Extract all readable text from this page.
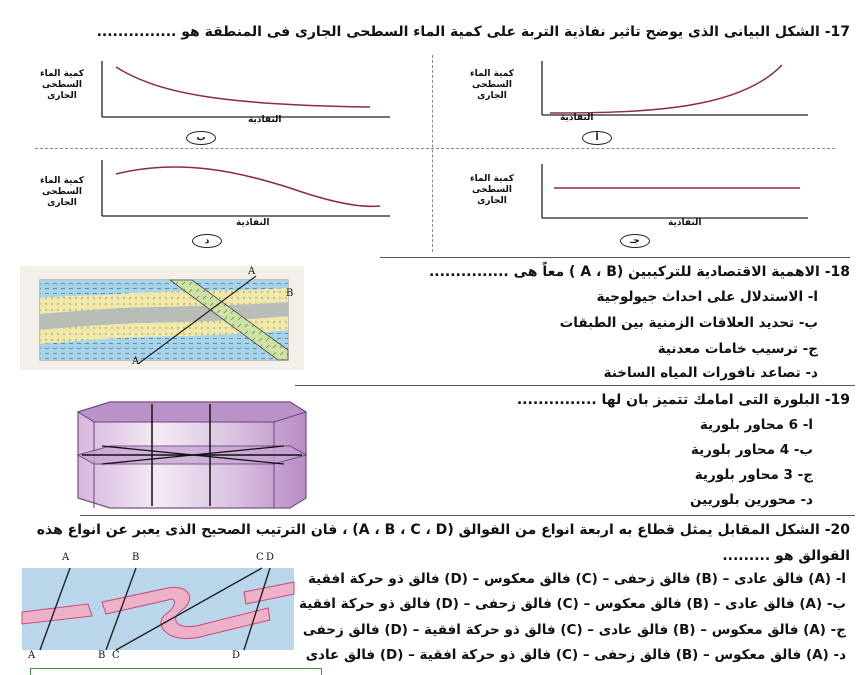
17- الشكل البيانى الذى يوضح تاثير نفاذية التربة على كمية الماء السطحى الجارى فى المنطقة هو ...............
كمية الماء
السطحى الجارى
النفاذية
أ
كمية الماء
السطحى الجارى
النفاذية
ب
كمية الماء
السطحى الجارى
النفاذية
جـ
كمية الماء
السطحى الجارى
النفاذية
د
A
B
A
18- الاهمية الاقتصادية للتركيبين (A ، B ) معاً هى ...............
ا- الاستدلال على احداث جيولوجية
ب- تحديد العلاقات الزمنية بين الطبقات
ج- ترسيب خامات معدنية
د- تصاعد نافورات المياه الساخنة
19- البلورة التى امامك تتميز بان لها ...............
ا- 6 محاور بلورية
ب- 4 محاور بلورية
ج- 3 محاور بلورية
د- محورين بلوريين
20- الشكل المقابل يمثل قطاع به اربعة انواع من الفوالق (A ، B ، C ، D) ، فان الترتيب الصحيح الذى يعبر عن انواع هذه
الفوالق هو .........
A	B	C D
A	B C	D
ا- (A) فالق عادى – (B) فالق زحفى – (C) فالق معكوس – (D) فالق ذو حركة افقية
ب- (A) فالق عادى – (B) فالق معكوس – (C) فالق زحفى – (D) فالق ذو حركة افقية
ج- (A) فالق معكوس – (B) فالق عادى – (C) فالق ذو حركة افقية – (D) فالق زحفى
د- (A) فالق معكوس – (B) فالق زحفى – (C) فالق ذو حركة افقية – (D) فالق عادى
